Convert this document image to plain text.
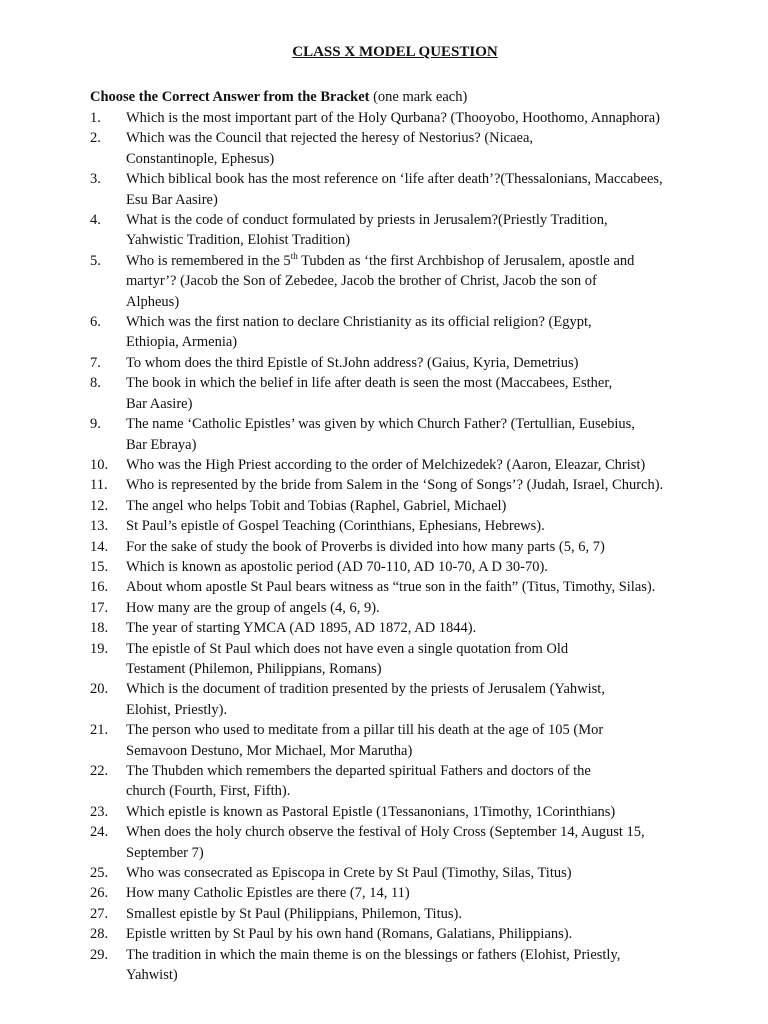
CLASS X MODEL QUESTION
Choose the Correct Answer from the Bracket (one mark each)
1.	Which is the most important part of the Holy Qurbana? (Thooyobo, Hoothomo, Annaphora)
2.	Which was the Council that rejected the heresy of Nestorius? (Nicaea,
Constantinople, Ephesus)
3.	Which biblical book has the most reference on ‘life after death’?(Thessalonians, Maccabees,
Esu Bar Aasire)
4.	What is the code of conduct formulated by priests in Jerusalem?(Priestly Tradition,
Yahwistic Tradition, Elohist Tradition)
5.	Who is remembered in the 5th Tubden as ‘the first Archbishop of Jerusalem, apostle and
martyr’? (Jacob the Son of Zebedee, Jacob the brother of Christ, Jacob the son of
Alpheus)
6.	Which was the first nation to declare Christianity as its official religion? (Egypt,
Ethiopia, Armenia)
7.	To whom does the third Epistle of St.John address? (Gaius, Kyria, Demetrius)
8.	The book in which the belief in life after death is seen the most (Maccabees, Esther,
Bar Aasire)
9.	The name ‘Catholic Epistles’ was given by which Church Father? (Tertullian, Eusebius,
Bar Ebraya)
10.	Who was the High Priest according to the order of Melchizedek? (Aaron, Eleazar, Christ)
11.	Who is represented by the bride from Salem in the ‘Song of Songs’? (Judah, Israel, Church).
12.	The angel who helps Tobit and Tobias (Raphel, Gabriel, Michael)
13.	St Paul’s epistle of Gospel Teaching (Corinthians, Ephesians, Hebrews).
14.	For the sake of study the book of Proverbs is divided into how many parts (5, 6, 7)
15.	Which is known as apostolic period (AD 70-110, AD 10-70, A D 30-70).
16.	About whom apostle St Paul bears witness as “true son in the faith” (Titus, Timothy, Silas).
17.	How many are the group of angels (4, 6, 9).
18.	The year of starting YMCA (AD 1895, AD 1872, AD 1844).
19.	The epistle of St Paul which does not have even a single quotation from Old
Testament (Philemon, Philippians, Romans)
20.	Which is the document of tradition presented by the priests of Jerusalem (Yahwist,
Elohist, Priestly).
21.	The person who used to meditate from a pillar till his death at the age of 105 (Mor
Semavoon Destuno, Mor Michael, Mor Marutha)
22.	The Thubden which remembers the departed spiritual Fathers and doctors of the
church (Fourth, First, Fifth).
23.	Which epistle is known as Pastoral Epistle (1Tessanonians, 1Timothy, 1Corinthians)
24.	When does the holy church observe the festival of Holy Cross (September 14, August 15,
September 7)
25.	Who was consecrated as Episcopa in Crete by St Paul (Timothy, Silas, Titus)
26.	How many Catholic Epistles are there (7, 14, 11)
27.	Smallest epistle by St Paul (Philippians, Philemon, Titus).
28.	Epistle written by St Paul by his own hand (Romans, Galatians, Philippians).
29.	The tradition in which the main theme is on the blessings or fathers (Elohist, Priestly,
Yahwist)
